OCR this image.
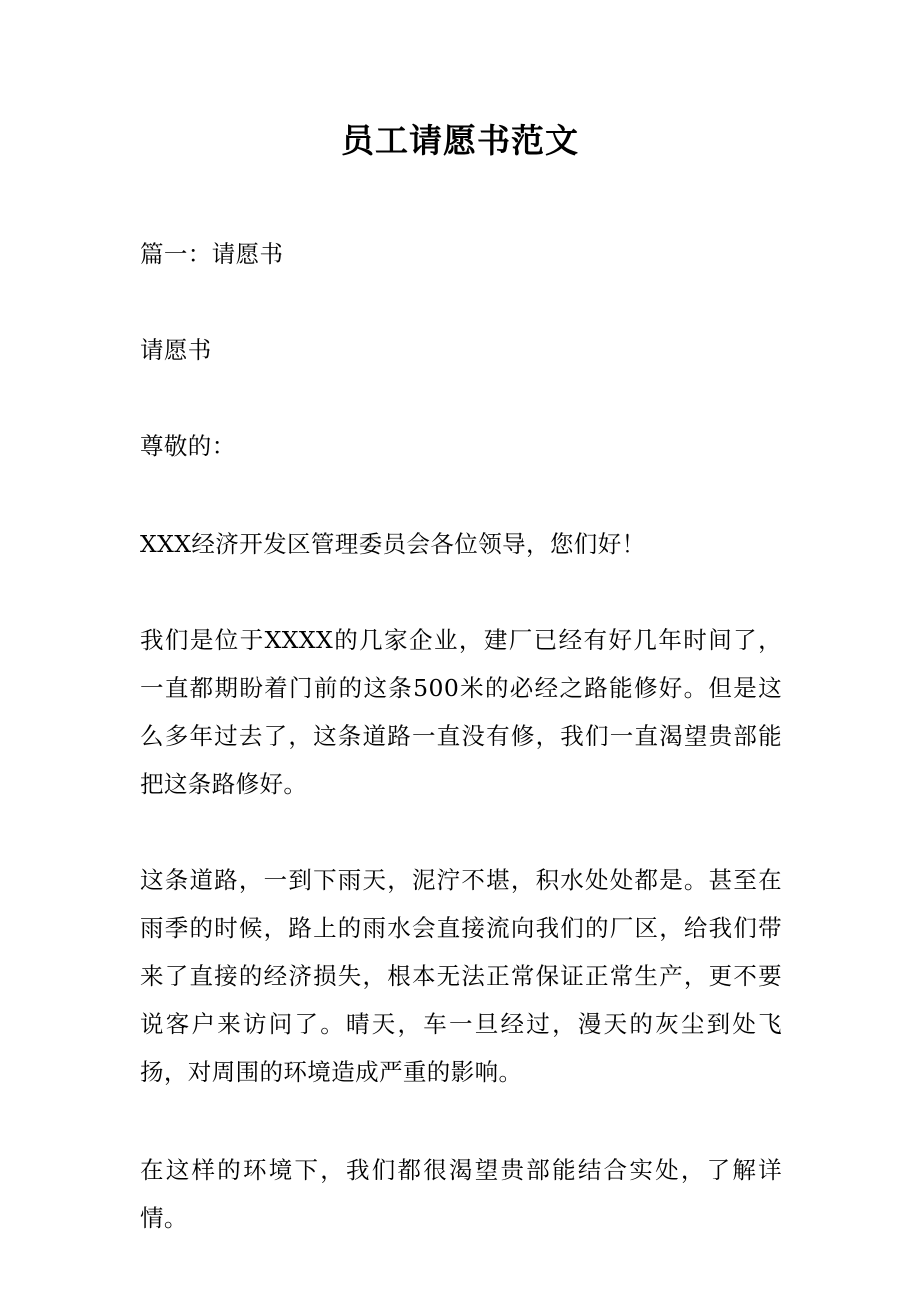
员工请愿书范文

篇一：请愿书

请愿书

尊敬的：

XXX经济开发区管理委员会各位领导，您们好！

我们是位于XXXX的几家企业，建厂已经有好几年时间了，一直都期盼着门前的这条500米的必经之路能修好。但是这么多年过去了，这条道路一直没有修，我们一直渴望贵部能把这条路修好。

这条道路，一到下雨天，泥泞不堪，积水处处都是。甚至在雨季的时候，路上的雨水会直接流向我们的厂区，给我们带来了直接的经济损失，根本无法正常保证正常生产，更不要说客户来访问了。晴天，车一旦经过，漫天的灰尘到处飞扬，对周围的环境造成严重的影响。

在这样的环境下，我们都很渴望贵部能结合实处，了解详情。
